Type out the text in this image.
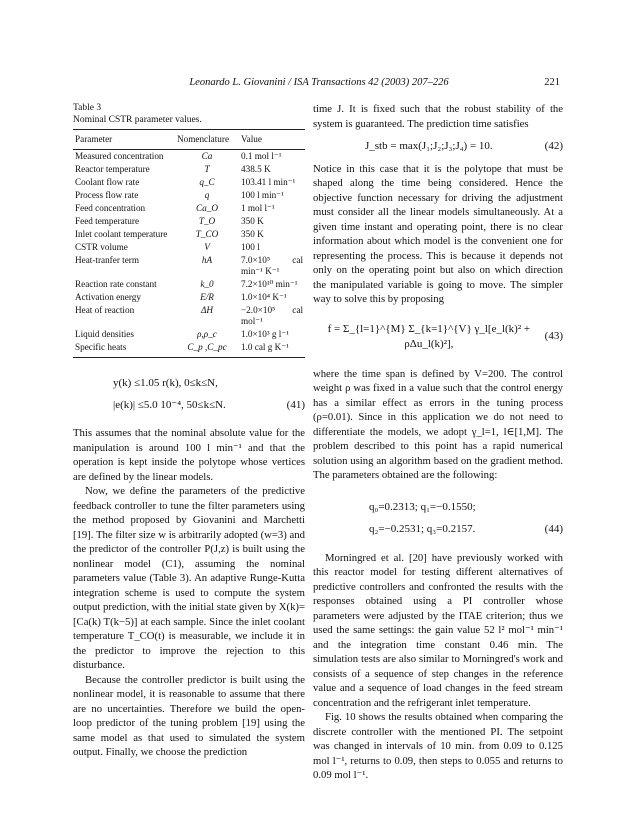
Leonardo L. Giovanini / ISA Transactions 42 (2003) 207–226	221
Table 3
Nominal CSTR parameter values.
Parameter	Nomenclature	Value
Measured concentration	Ca	0.1 mol l⁻¹
Reactor temperature	T	438.5 K
Coolant flow rate	q_C	103.41 l min⁻¹
Process flow rate	q	100 l min⁻¹
Feed concentration	Ca_O	1 mol l⁻¹
Feed temperature	T_O	350 K
Inlet coolant temperature	T_CO	350 K
CSTR volume	V	100 l
Heat-tranfer term	hA	7.0×10⁵ cal min⁻¹ K⁻¹
Reaction rate constant	k_0	7.2×10¹⁰ min⁻¹
Activation energy	E/R	1.0×10⁴ K⁻¹
Heat of reaction	ΔH	−2.0×10⁵ cal mol⁻¹
Liquid densities	ρ,ρ_c	1.0×10³ g l⁻¹
Specific heats	C_p ,C_pc	1.0 cal g K⁻¹
y(k) ≤1.05 r(k), 0≤k≤N,
|e(k)| ≤5.0 10⁻⁴, 50≤k≤N.	(41)

This assumes that the nominal absolute value for the manipulation is around 100 l min⁻¹ and that the operation is kept inside the polytope whose vertices are defined by the linear models.

Now, we define the parameters of the predictive feedback controller to tune the filter parameters using the method proposed by Giovanini and Marchetti [19]. The filter size w is arbitrarily adopted (w=3) and the predictor of the controller P(J,z) is built using the nonlinear model (C1), assuming the nominal parameters value (Table 3). An adaptive Runge-Kutta integration scheme is used to compute the system output prediction, with the initial state given by X(k)=[Ca(k) T(k−5)] at each sample. Since the inlet coolant temperature T_CO(t) is measurable, we include it in the predictor to improve the rejection to this disturbance.

Because the controller predictor is built using the nonlinear model, it is reasonable to assume that there are no uncertainties. Therefore we build the open-loop predictor of the tuning problem [19] using the same model as that used to simulated the system output. Finally, we choose the prediction

time J. It is fixed such that the robust stability of the system is guaranteed. The prediction time satisfies

J_stb = max(J₁;J₂;J₃;J₄) = 10.	(42)

Notice in this case that it is the polytope that must be shaped along the time being considered. Hence the objective function necessary for driving the adjustment must consider all the linear models simultaneously. At a given time instant and operating point, there is no clear information about which model is the convenient one for representing the process. This is because it depends not only on the operating point but also on which direction the manipulated variable is going to move. The simpler way to solve this by proposing

f = Σ_{l=1}^{M} Σ_{k=1}^{V} γ_l[e_l(k)² + ρΔu_l(k)²],
(43)

where the time span is defined by V=200. The control weight ρ was fixed in a value such that the control energy has a similar effect as errors in the tuning process (ρ=0.01). Since in this application we do not need to differentiate the models, we adopt γ_l=1, l∈[1,M]. The problem described to this point has a rapid numerical solution using an algorithm based on the gradient method. The parameters obtained are the following:

q₀=0.2313; q₁=−0.1550;
q₂=−0.2531; q₃=0.2157.	(44)

Morningred et al. [20] have previously worked with this reactor model for testing different alternatives of predictive controllers and confronted the results with the responses obtained using a PI controller whose parameters were adjusted by the ITAE criterion; thus we used the same settings: the gain value 52 l² mol⁻¹ min⁻¹ and the integration time constant 0.46 min. The simulation tests are also similar to Morningred's work and consists of a sequence of step changes in the reference value and a sequence of load changes in the feed stream concentration and the refrigerant inlet temperature.

Fig. 10 shows the results obtained when comparing the discrete controller with the mentioned PI. The setpoint was changed in intervals of 10 min. from 0.09 to 0.125 mol l⁻¹, returns to 0.09, then steps to 0.055 and returns to 0.09 mol l⁻¹.
